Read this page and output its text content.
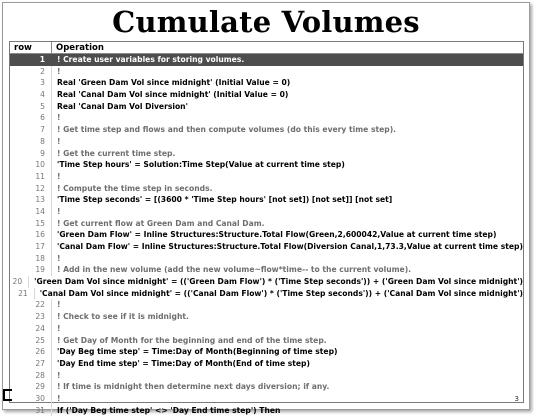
Cumulate Volumes
row	Operation
1	! Create user variables for storing volumes.
2	!
3	Real 'Green Dam Vol since midnight' (Initial Value = 0)
4	Real 'Canal Dam Vol since midnight' (Initial Value = 0)
5	Real 'Canal Dam Vol Diversion'
6	!
7	! Get time step and flows and then compute volumes (do this every time step).
8	!
9	! Get the current time step.
10	'Time Step hours' = Solution:Time Step(Value at current time step)
11	!
12	! Compute the time step in seconds.
13	'Time Step seconds' = [(3600 * 'Time Step hours' [not set]) [not set]] [not set]
14	!
15	! Get current flow at Green Dam and Canal Dam.
16	'Green Dam Flow' = Inline Structures:Structure.Total Flow(Green,2,600042,Value at current time step)
17	'Canal Dam Flow' = Inline Structures:Structure.Total Flow(Diversion Canal,1,73.3,Value at current time step)
18	!
19	! Add in the new volume (add the new volume~flow*time-- to the current volume).
20	'Green Dam Vol since midnight' = (('Green Dam Flow') * ('Time Step seconds')) + ('Green Dam Vol since midnight')
21	'Canal Dam Vol since midnight' = (('Canal Dam Flow') * ('Time Step seconds')) + ('Canal Dam Vol since midnight')
22	!
23	! Check to see if it is midnight.
24	!
25	! Get Day of Month for the beginning and end of the time step.
26	'Day Beg time step' = Time:Day of Month(Beginning of time step)
27	'Day End time step' = Time:Day of Month(End of time step)
28	!
29	! If time is midnight then determine next days diversion; if any.
30	!
31	If ('Day Beg time step' <> 'Day End time step') Then
3
